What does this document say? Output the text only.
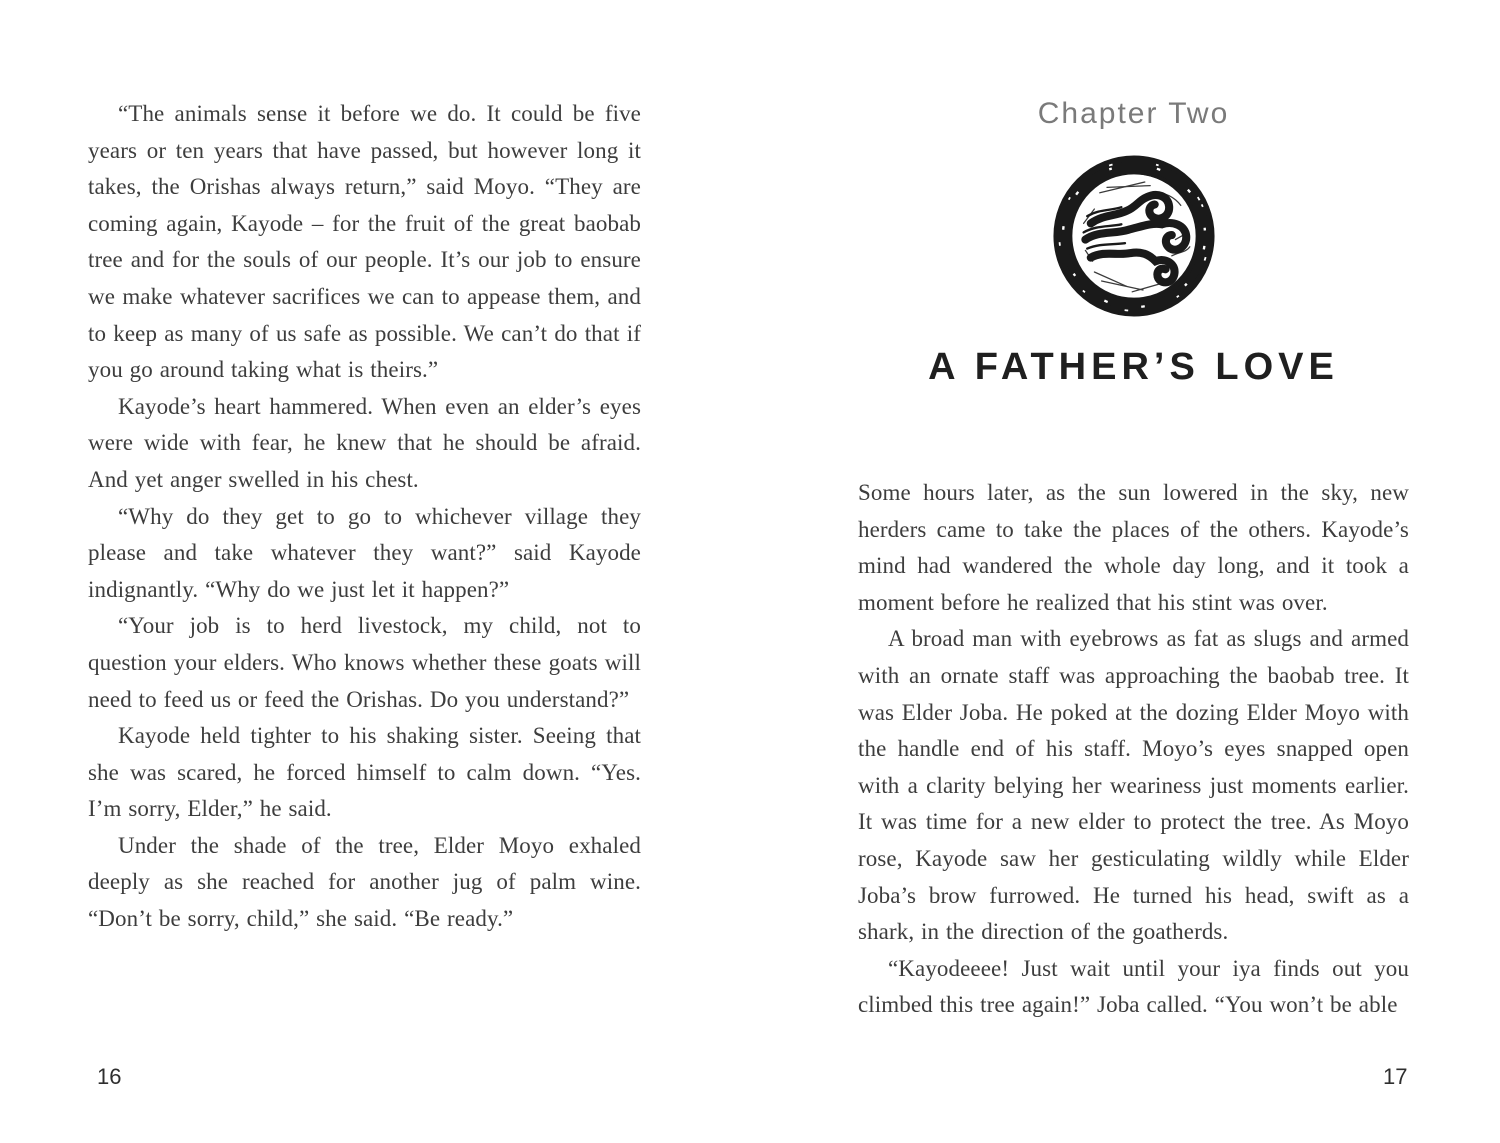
“The animals sense it before we do. It could be five years or ten years that have passed, but however long it takes, the Orishas always return,” said Moyo. “They are coming again, Kayode – for the fruit of the great baobab tree and for the souls of our people. It’s our job to ensure we make whatever sacrifices we can to appease them, and to keep as many of us safe as possible. We can’t do that if you go around taking what is theirs.”

Kayode’s heart hammered. When even an elder’s eyes were wide with fear, he knew that he should be afraid. And yet anger swelled in his chest.

“Why do they get to go to whichever village they please and take whatever they want?” said Kayode indignantly. “Why do we just let it happen?”

“Your job is to herd livestock, my child, not to question your elders. Who knows whether these goats will need to feed us or feed the Orishas. Do you understand?”

Kayode held tighter to his shaking sister. Seeing that she was scared, he forced himself to calm down. “Yes. I’m sorry, Elder,” he said.

Under the shade of the tree, Elder Moyo exhaled deeply as she reached for another jug of palm wine. “Don’t be sorry, child,” she said. “Be ready.”

Chapter Two
A FATHER’S LOVE

Some hours later, as the sun lowered in the sky, new herders came to take the places of the others. Kayode’s mind had wandered the whole day long, and it took a moment before he realized that his stint was over.

A broad man with eyebrows as fat as slugs and armed with an ornate staff was approaching the baobab tree. It was Elder Joba. He poked at the dozing Elder Moyo with the handle end of his staff. Moyo’s eyes snapped open with a clarity belying her weariness just moments earlier. It was time for a new elder to protect the tree. As Moyo rose, Kayode saw her gesticulating wildly while Elder Joba’s brow furrowed. He turned his head, swift as a shark, in the direction of the goatherds.

“Kayodeeee! Just wait until your iya finds out you climbed this tree again!” Joba called. “You won’t be able

16	17
